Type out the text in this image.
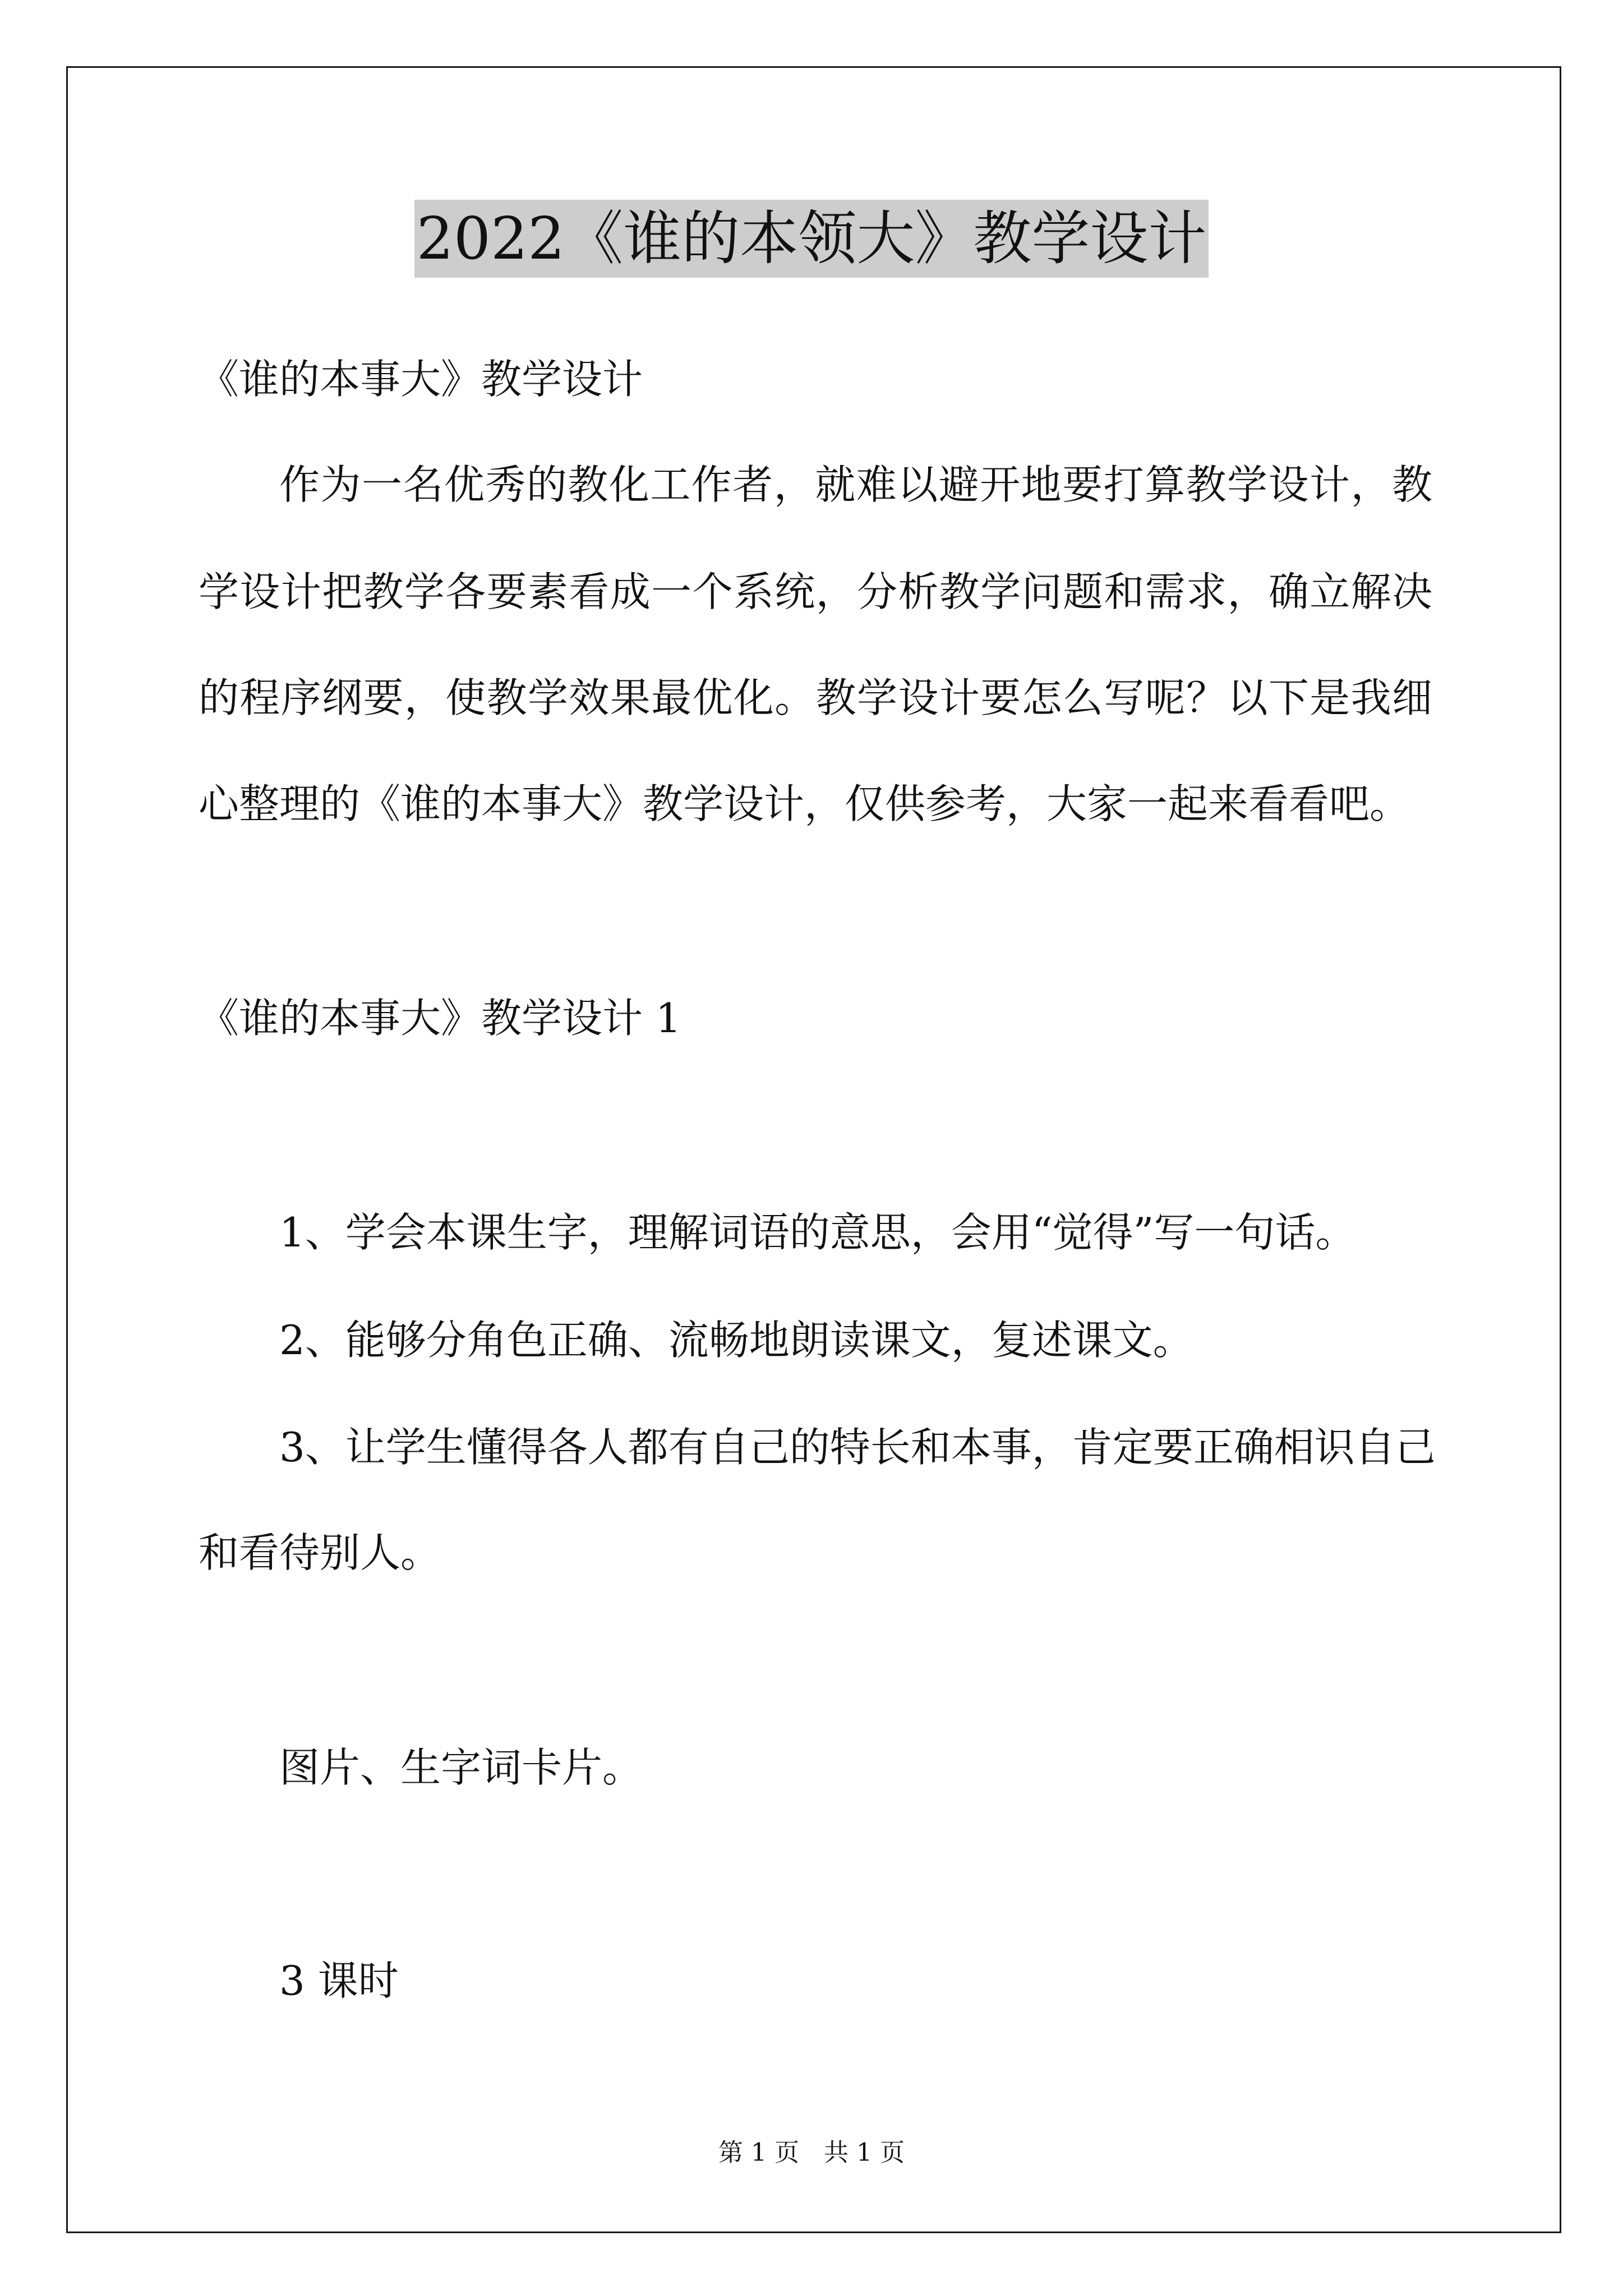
2022《谁的本领大》教学设计
《谁的本事大》教学设计
作为一名优秀的教化工作者，就难以避开地要打算教学设计，教
学设计把教学各要素看成一个系统，分析教学问题和需求，确立解决
的程序纲要，使教学效果最优化。教学设计要怎么写呢？以下是我细
心整理的《谁的本事大》教学设计，仅供参考，大家一起来看看吧。
《谁的本事大》教学设计 1
1、学会本课生字，理解词语的意思，会用“觉得”写一句话。
2、能够分角色正确、流畅地朗读课文，复述课文。
3、让学生懂得各人都有自己的特长和本事，肯定要正确相识自己
和看待别人。
图片、生字词卡片。
3 课时
第 1 页　共 1 页
